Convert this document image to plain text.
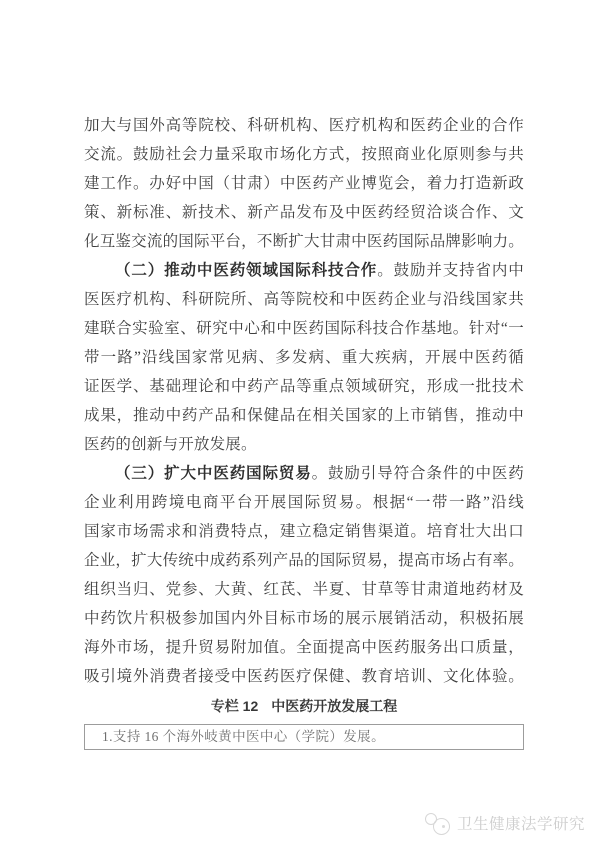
加大与国外高等院校、科研机构、医疗机构和医药企业的合作
交流。鼓励社会力量采取市场化方式，按照商业化原则参与共
建工作。办好中国（甘肃）中医药产业博览会，着力打造新政
策、新标准、新技术、新产品发布及中医药经贸洽谈合作、文
化互鉴交流的国际平台，不断扩大甘肃中医药国际品牌影响力。
（二）推动中医药领域国际科技合作。鼓励并支持省内中
医医疗机构、科研院所、高等院校和中医药企业与沿线国家共
建联合实验室、研究中心和中医药国际科技合作基地。针对“一
带一路”沿线国家常见病、多发病、重大疾病，开展中医药循
证医学、基础理论和中药产品等重点领域研究，形成一批技术
成果，推动中药产品和保健品在相关国家的上市销售，推动中
医药的创新与开放发展。
（三）扩大中医药国际贸易。鼓励引导符合条件的中医药
企业利用跨境电商平台开展国际贸易。根据“一带一路”沿线
国家市场需求和消费特点，建立稳定销售渠道。培育壮大出口
企业，扩大传统中成药系列产品的国际贸易，提高市场占有率。
组织当归、党参、大黄、红芪、半夏、甘草等甘肃道地药材及
中药饮片积极参加国内外目标市场的展示展销活动，积极拓展
海外市场，提升贸易附加值。全面提高中医药服务出口质量，
吸引境外消费者接受中医药医疗保健、教育培训、文化体验。
专栏 12 中医药开放发展工程
1.支持 16 个海外岐黄中医中心（学院）发展。
卫生健康法学研究
